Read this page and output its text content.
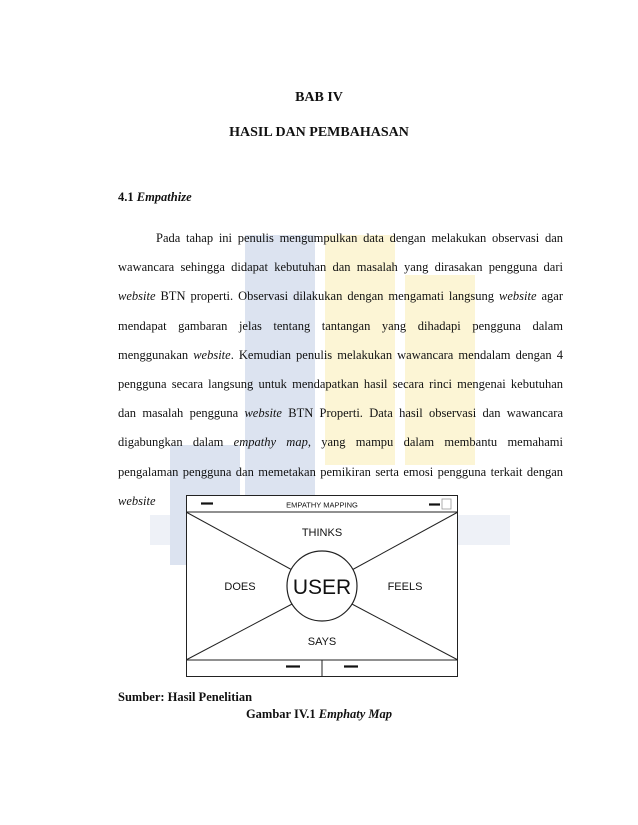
BAB IV
HASIL DAN PEMBAHASAN
4.1 Empathize
Pada tahap ini penulis mengumpulkan data dengan melakukan observasi dan wawancara sehingga didapat kebutuhan dan masalah yang dirasakan pengguna dari website BTN properti. Observasi dilakukan dengan mengamati langsung website agar mendapat gambaran jelas tentang tantangan yang dihadapi pengguna dalam menggunakan website. Kemudian penulis melakukan wawancara mendalam dengan 4 pengguna secara langsung untuk mendapatkan hasil secara rinci mengenai kebutuhan dan masalah pengguna website BTN Properti. Data hasil observasi dan wawancara digabungkan dalam empathy map, yang mampu dalam membantu memahami pengalaman pengguna dan memetakan pemikiran serta emosi pengguna terkait dengan website	EMPATHY MAPPING
USER
THINKS
DOES	FEELS
SAYS
Sumber: Hasil Penelitian
Gambar IV.1 Emphaty Map
